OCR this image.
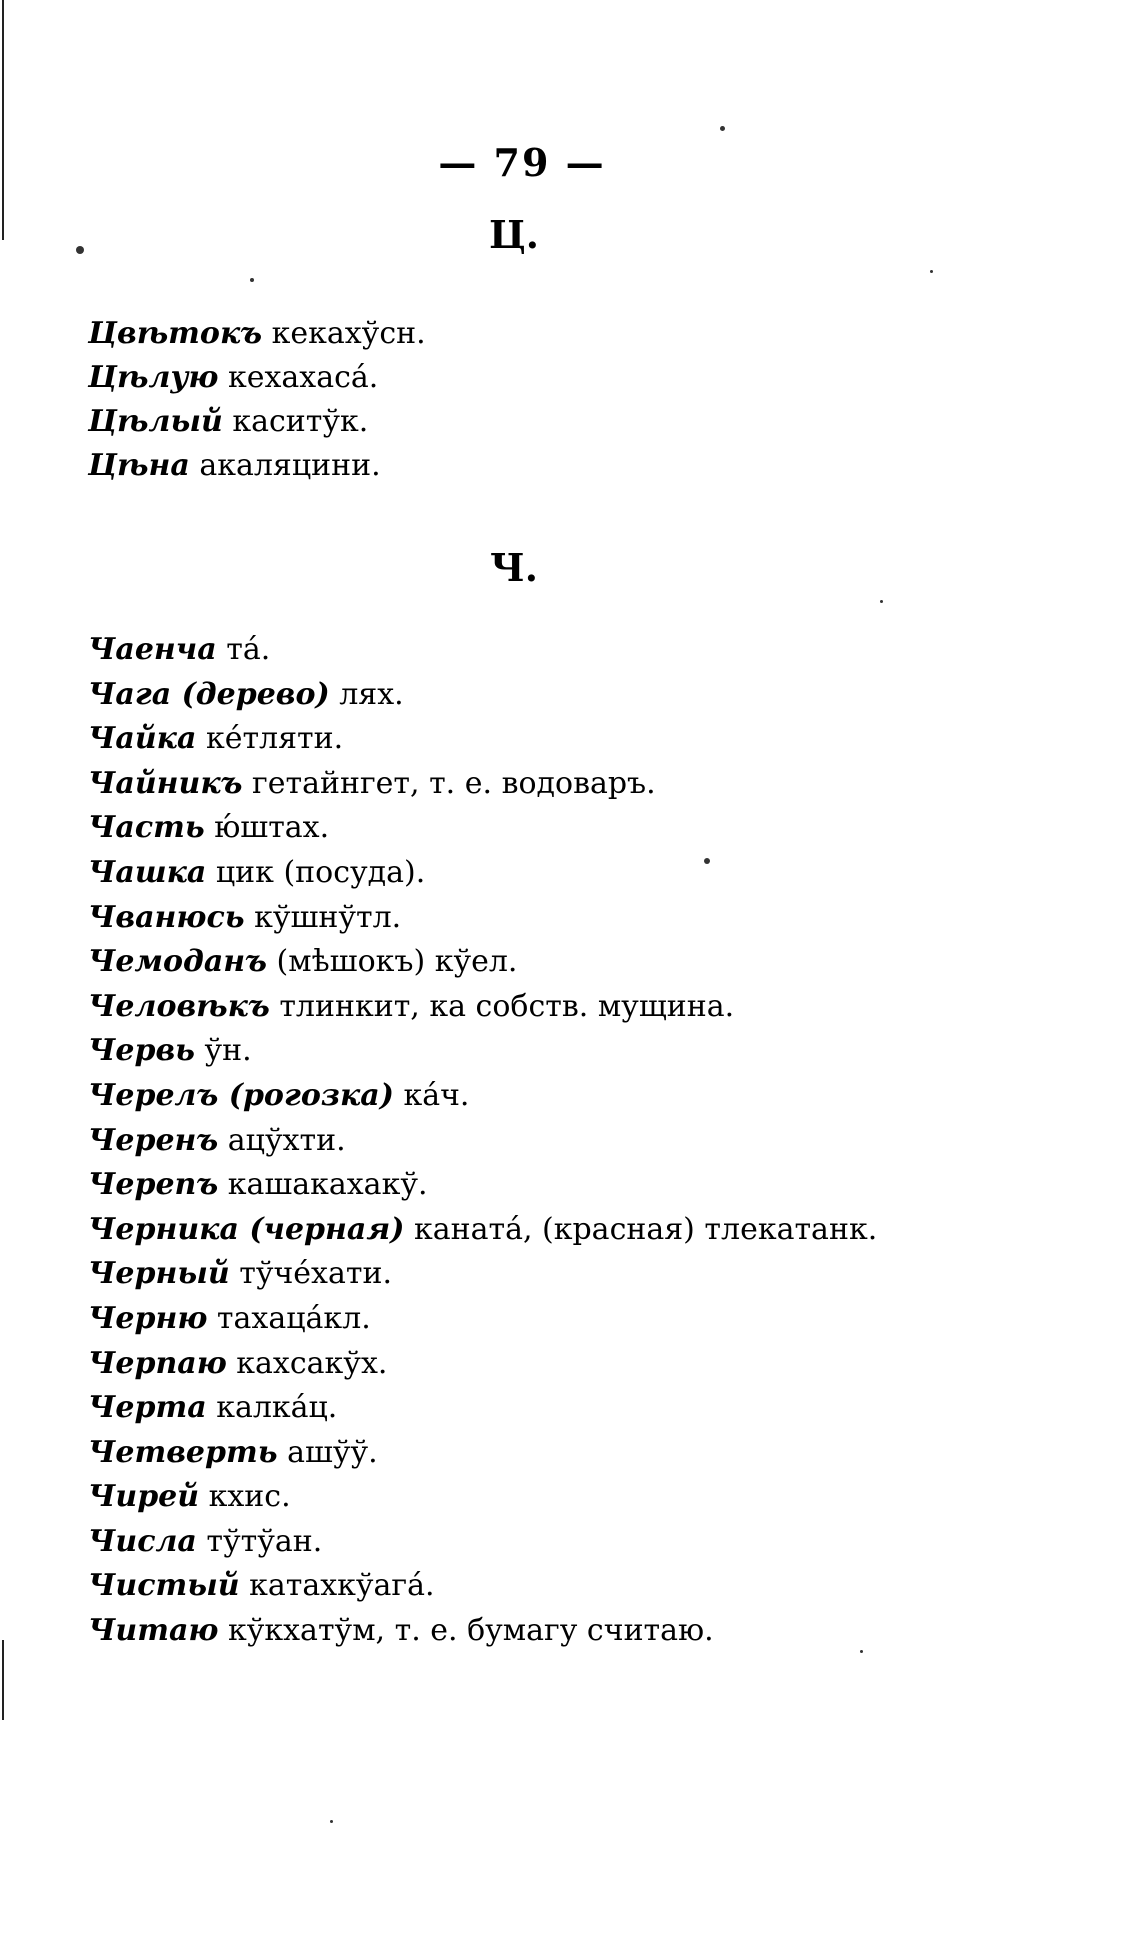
— 79 —
Ц.
Цвѣтокъ кекахўсн.
Цѣлую кехахаса́.
Цѣлый каситўк.
Цѣна акаляцини.
Ч.
Чаенча та́.
Чага (дерево) лях.
Чайка ке́тляти.
Чайникъ гетайнгет, т. е. водоваръ.
Часть ю́штах.
Чашка цик (посуда).
Чванюсь кўшнўтл.
Чемоданъ (мѣшокъ) кўел.
Человѣкъ тлинкит, ка собств. мущина.
Червь ўн.
Черелъ (рогозка) ка́ч.
Черенъ ацўхти.
Черепъ кашакахакў.
Черника (черная) каната́, (красная) тлекатанк.
Черный тўче́хати.
Черню тахаца́кл.
Черпаю кахсакўх.
Черта калка́ц.
Четверть ашўў.
Чирей кхис.
Числа тўтўан.
Чистый катахкўага́.
Читаю кўкхатўм, т. е. бумагу считаю.
